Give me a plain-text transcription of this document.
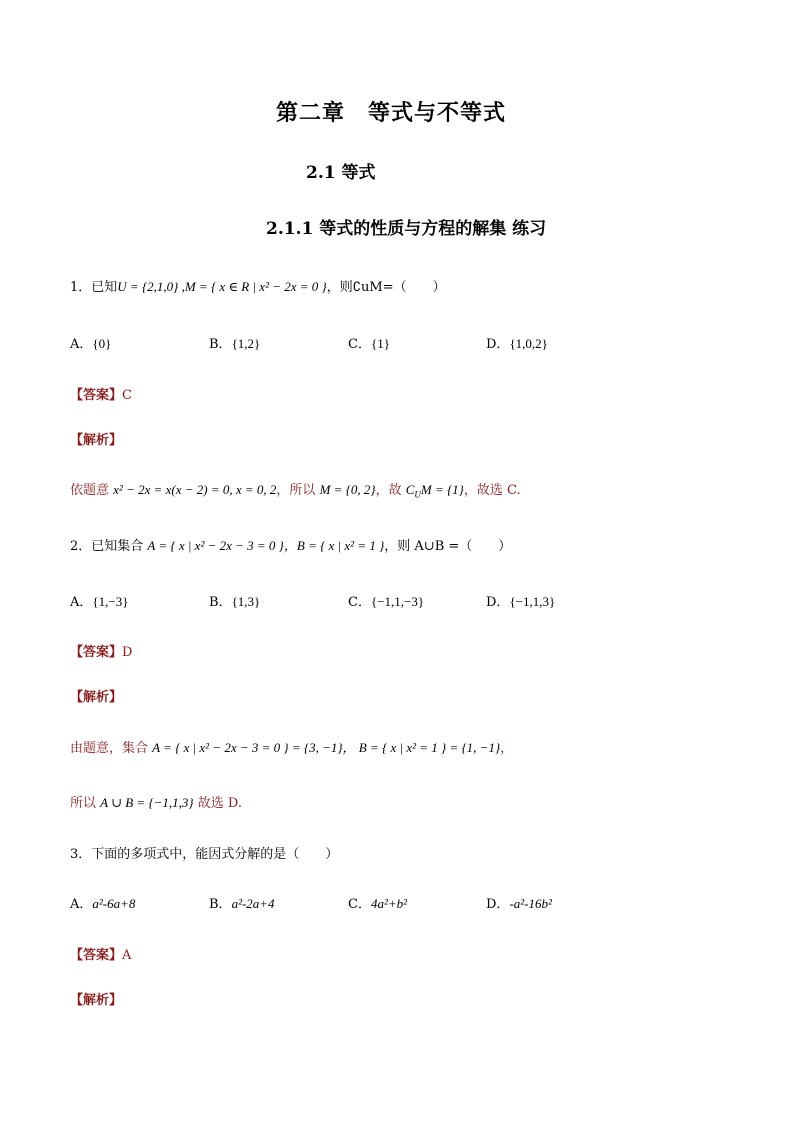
第二章　等式与不等式
2.1 等式
2.1.1 等式的性质与方程的解集 练习
1．已知U = {2,1,0} ,M = { x ∈ R | x² − 2x = 0 }，则∁uM=（　　）
A．{0}	B．{1,2}	C．{1}	D．{1,0,2}
【答案】C
【解析】
依题意 x² − 2x = x(x − 2) = 0, x = 0, 2，所以 M = {0, 2}，故 $C_UM = \{1\}$，故选 C.
2．已知集合 A = { x | x² − 2x − 3 = 0 }，B = { x | x² = 1 }，则 A∪B =（　　）
A．{1,−3}	B．{1,3}	C．{−1,1,−3}	D．{−1,1,3}
【答案】D
【解析】
由题意，集合 A = { x | x² − 2x − 3 = 0 } = {3, −1}， B = { x | x² = 1 } = {1, −1}，
所以 A ∪ B = {−1,1,3} 故选 D.
3．下面的多项式中，能因式分解的是（　　）
A．a²-6a+8	B．a²-2a+4	C．4a²+b²	D．-a²-16b²
【答案】A
【解析】
